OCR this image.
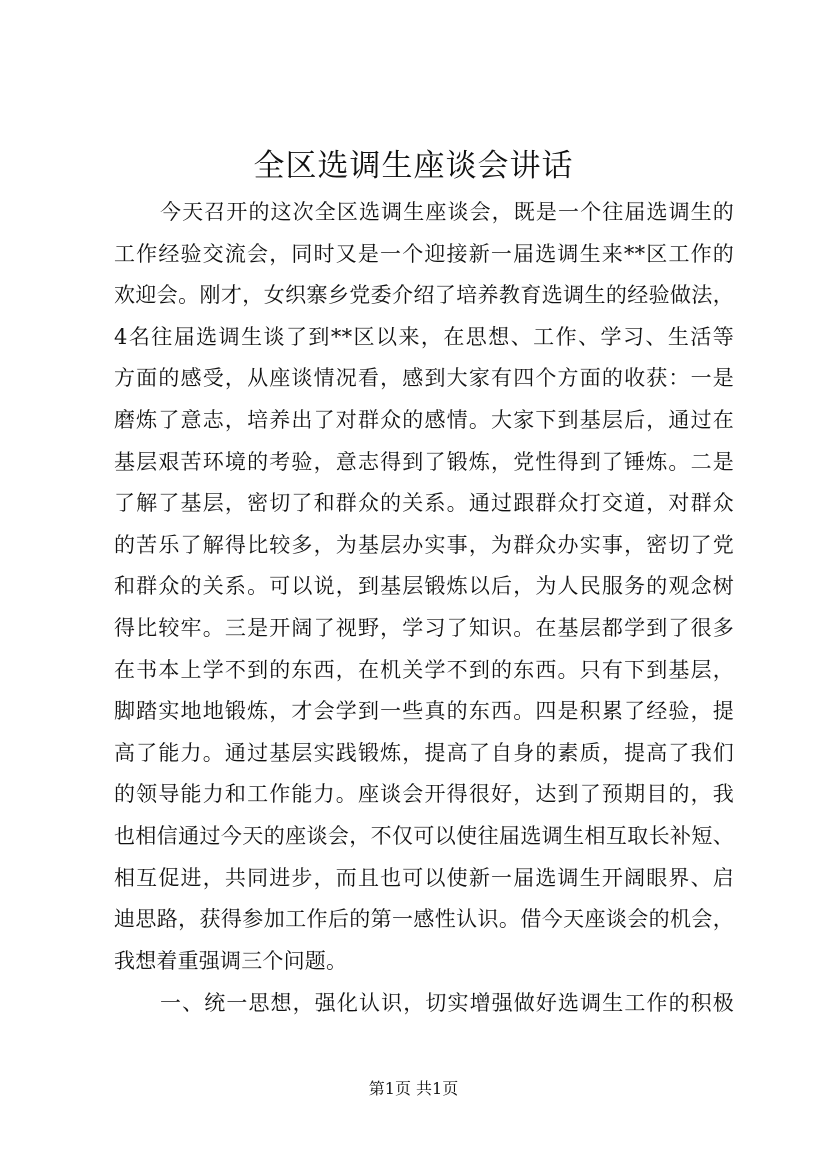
全区选调生座谈会讲话
今天召开的这次全区选调生座谈会，既是一个往届选调生的
工作经验交流会，同时又是一个迎接新一届选调生来**区工作的
欢迎会。刚才，女织寨乡党委介绍了培养教育选调生的经验做法，
4名往届选调生谈了到**区以来，在思想、工作、学习、生活等
方面的感受，从座谈情况看，感到大家有四个方面的收获：一是
磨炼了意志，培养出了对群众的感情。大家下到基层后，通过在
基层艰苦环境的考验，意志得到了锻炼，党性得到了锤炼。二是
了解了基层，密切了和群众的关系。通过跟群众打交道，对群众
的苦乐了解得比较多，为基层办实事，为群众办实事，密切了党
和群众的关系。可以说，到基层锻炼以后，为人民服务的观念树
得比较牢。三是开阔了视野，学习了知识。在基层都学到了很多
在书本上学不到的东西，在机关学不到的东西。只有下到基层，
脚踏实地地锻炼，才会学到一些真的东西。四是积累了经验，提
高了能力。通过基层实践锻炼，提高了自身的素质，提高了我们
的领导能力和工作能力。座谈会开得很好，达到了预期目的，我
也相信通过今天的座谈会，不仅可以使往届选调生相互取长补短、
相互促进，共同进步，而且也可以使新一届选调生开阔眼界、启
迪思路，获得参加工作后的第一感性认识。借今天座谈会的机会，
我想着重强调三个问题。
一、统一思想，强化认识，切实增强做好选调生工作的积极
第1页 共1页
